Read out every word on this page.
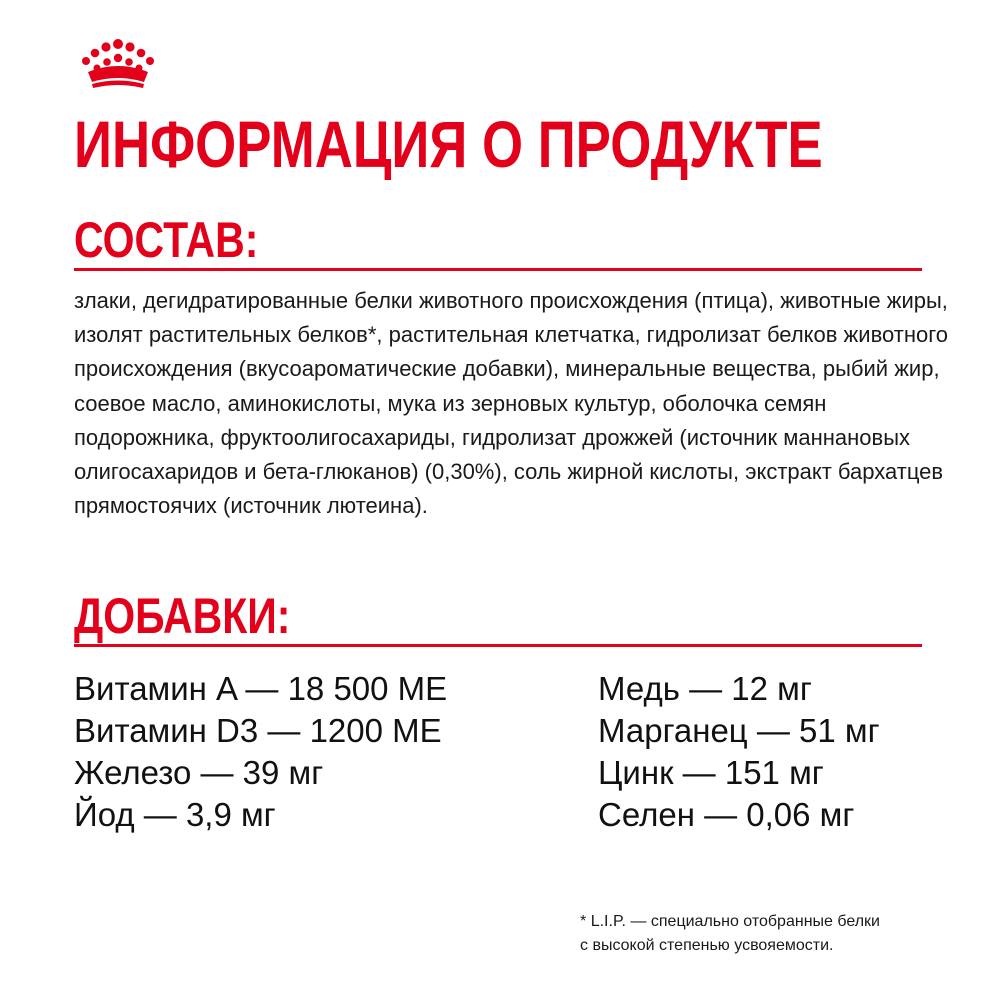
ИНФОРМАЦИЯ О ПРОДУКТЕ
СОСТАВ:

злаки, дегидратированные белки животного происхождения (птица), животные жиры, изолят растительных белков*, растительная клетчатка, гидролизат белков животного происхождения (вкусоароматические добавки), минеральные вещества, рыбий жир, соевое масло, аминокислоты, мука из зерновых культур, оболочка семян подорожника, фруктоолигосахариды, гидролизат дрожжей (источник маннановых олигосахаридов и бета-глюканов) (0,30%), соль жирной кислоты, экстракт бархатцев прямостоячих (источник лютеина).

ДОБАВКИ:
Витамин A — 18 500 МЕ
Витамин D3 — 1200 МЕ
Железо — 39 мг
Йод — 3,9 мг
Медь — 12 мг
Марганец — 51 мг
Цинк — 151 мг
Селен — 0,06 мг

* L.I.P. — специально отобранные белки
с высокой степенью усвояемости.
